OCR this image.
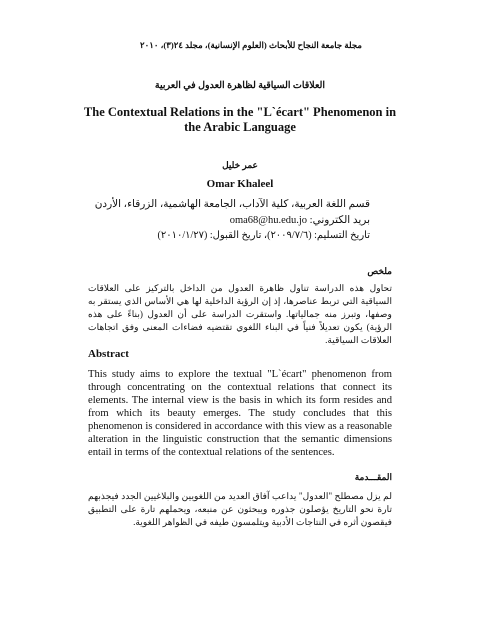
مجلة جامعة النجاح للأبحاث (العلوم الإنسانية)، مجلد ٢٤(٣)، ٢٠١٠
العلاقات السياقية لظاهرة العدول في العربية
The Contextual Relations in the "L`écart" Phenomenon in the Arabic Language
عمر خليل
Omar Khaleel
قسم اللغة العربية، كلية الآداب، الجامعة الهاشمية، الزرقاء، الأردن
بريد الكتروني: oma68@hu.edu.jo
تاريخ التسليم: (٢٠٠٩/٧/٦)، تاريخ القبول: (٢٠١٠/١/٢٧)
ملخص
تحاول هذه الدراسة تناول ظاهرة العدول من الداخل بالتركيز على العلاقات السياقية التي تربط عناصرها، إذ إن الرؤية الداخلية لها هي الأساس الذي يستقر به وصفها، وتبرز منه جمالياتها. واستقرت الدراسة على أن العدول (بناءً على هذه الرؤية) يكون تعديلاً فنياً في البناء اللغوي تقتضيه فضاءات المعنى وفق اتجاهات العلاقات السياقية.
Abstract
This study aims to explore the textual "L`écart" phenomenon from through concentrating on the contextual relations that connect its elements. The internal view is the basis in which its form resides and from which its beauty emerges. The study concludes that this phenomenon is considered in accordance with this view as a reasonable alteration in the linguistic construction that the semantic dimensions entail in terms of the contextual relations of the sentences.
المقـــدمة
لم يزل مصطلح "العدول" يداعب آفاق العديد من اللغويين والبلاغيين الجدد فيجذبهم تارة نحو التاريخ يؤصلون جذوره ويبحثون عن منبعه، ويحملهم تارة على التطبيق فيقصون أثره في النتاجات الأدبية ويتلمسون طيفه في الظواهر اللغوية.
